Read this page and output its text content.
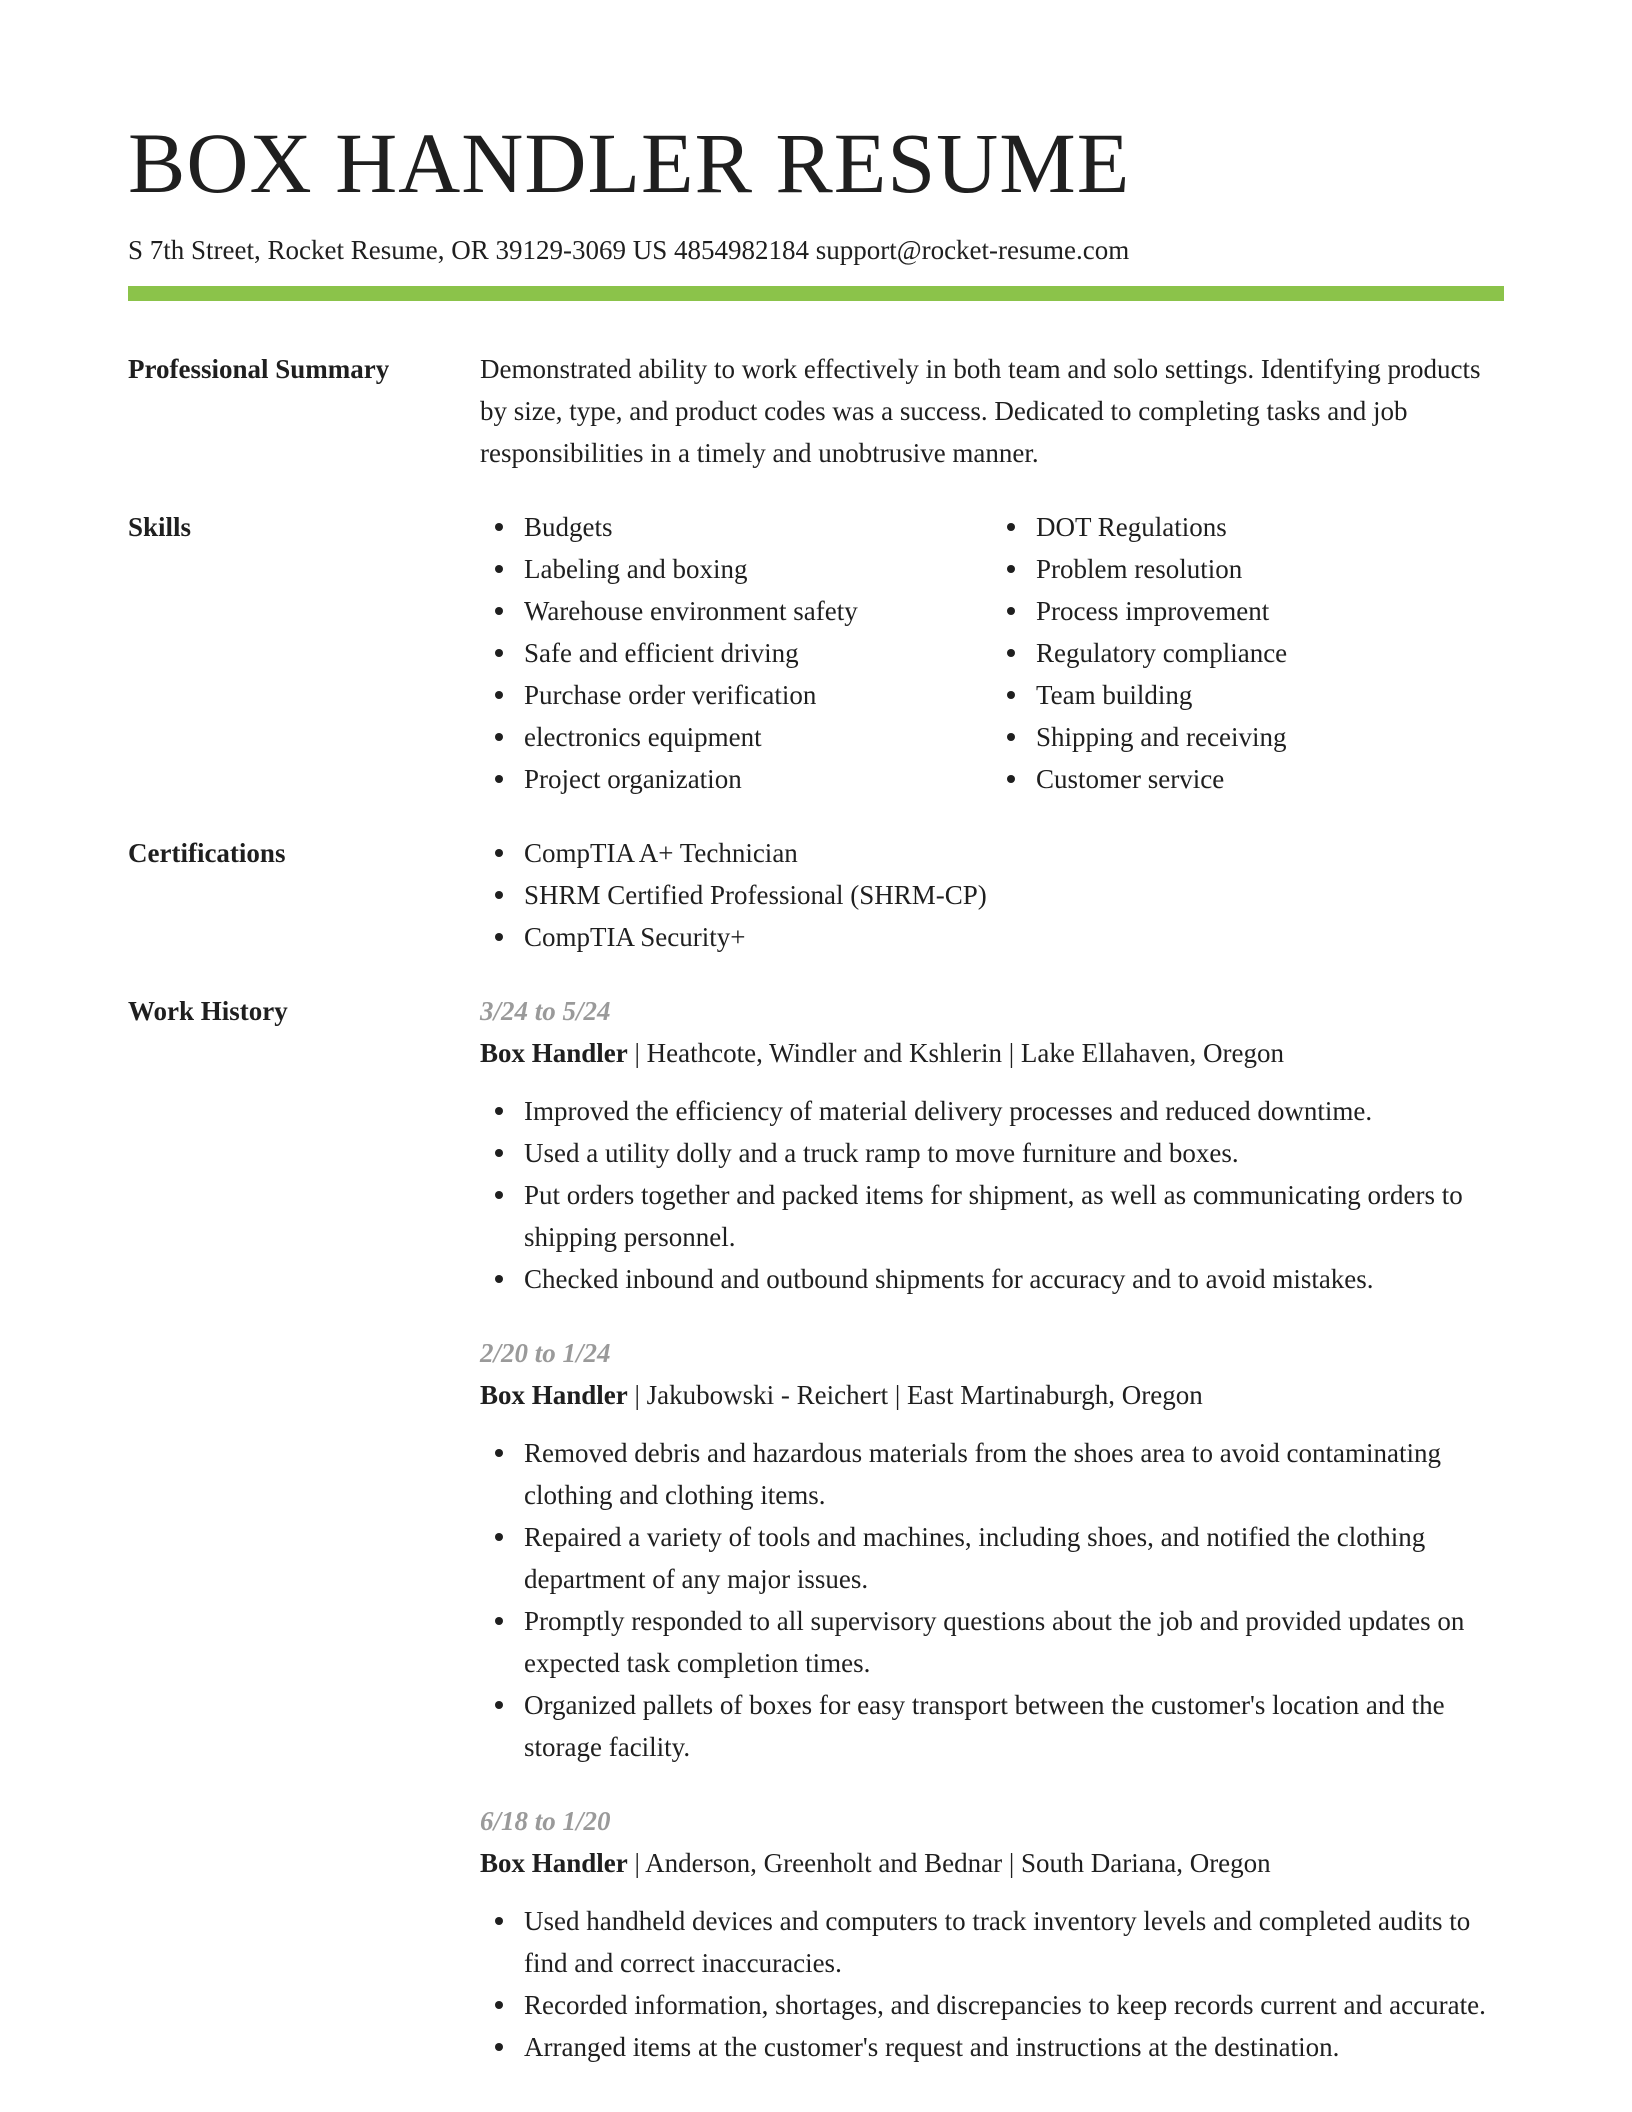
BOX HANDLER RESUME
S 7th Street, Rocket Resume, OR 39129-3069 US 4854982184 support@rocket-resume.com
Professional Summary	Demonstrated ability to work effectively in both team and solo settings. Identifying products by size, type, and product codes was a success. Dedicated to completing tasks and job responsibilities in a timely and unobtrusive manner.
Skills	Budgets
Labeling and boxing
Warehouse environment safety
Safe and efficient driving
Purchase order verification
electronics equipment
Project organization
DOT Regulations
Problem resolution
Process improvement
Regulatory compliance
Team building
Shipping and receiving
Customer service
Certifications	CompTIA A+ Technician
SHRM Certified Professional (SHRM-CP)
CompTIA Security+
Work History	3/24 to 5/24
Box Handler | Heathcote, Windler and Kshlerin | Lake Ellahaven, Oregon
Improved the efficiency of material delivery processes and reduced downtime.
Used a utility dolly and a truck ramp to move furniture and boxes.
Put orders together and packed items for shipment, as well as communicating orders to shipping personnel.
Checked inbound and outbound shipments for accuracy and to avoid mistakes.
2/20 to 1/24
Box Handler | Jakubowski - Reichert | East Martinaburgh, Oregon
Removed debris and hazardous materials from the shoes area to avoid contaminating clothing and clothing items.
Repaired a variety of tools and machines, including shoes, and notified the clothing department of any major issues.
Promptly responded to all supervisory questions about the job and provided updates on expected task completion times.
Organized pallets of boxes for easy transport between the customer's location and the storage facility.
6/18 to 1/20
Box Handler | Anderson, Greenholt and Bednar | South Dariana, Oregon
Used handheld devices and computers to track inventory levels and completed audits to find and correct inaccuracies.
Recorded information, shortages, and discrepancies to keep records current and accurate.
Arranged items at the customer's request and instructions at the destination.
